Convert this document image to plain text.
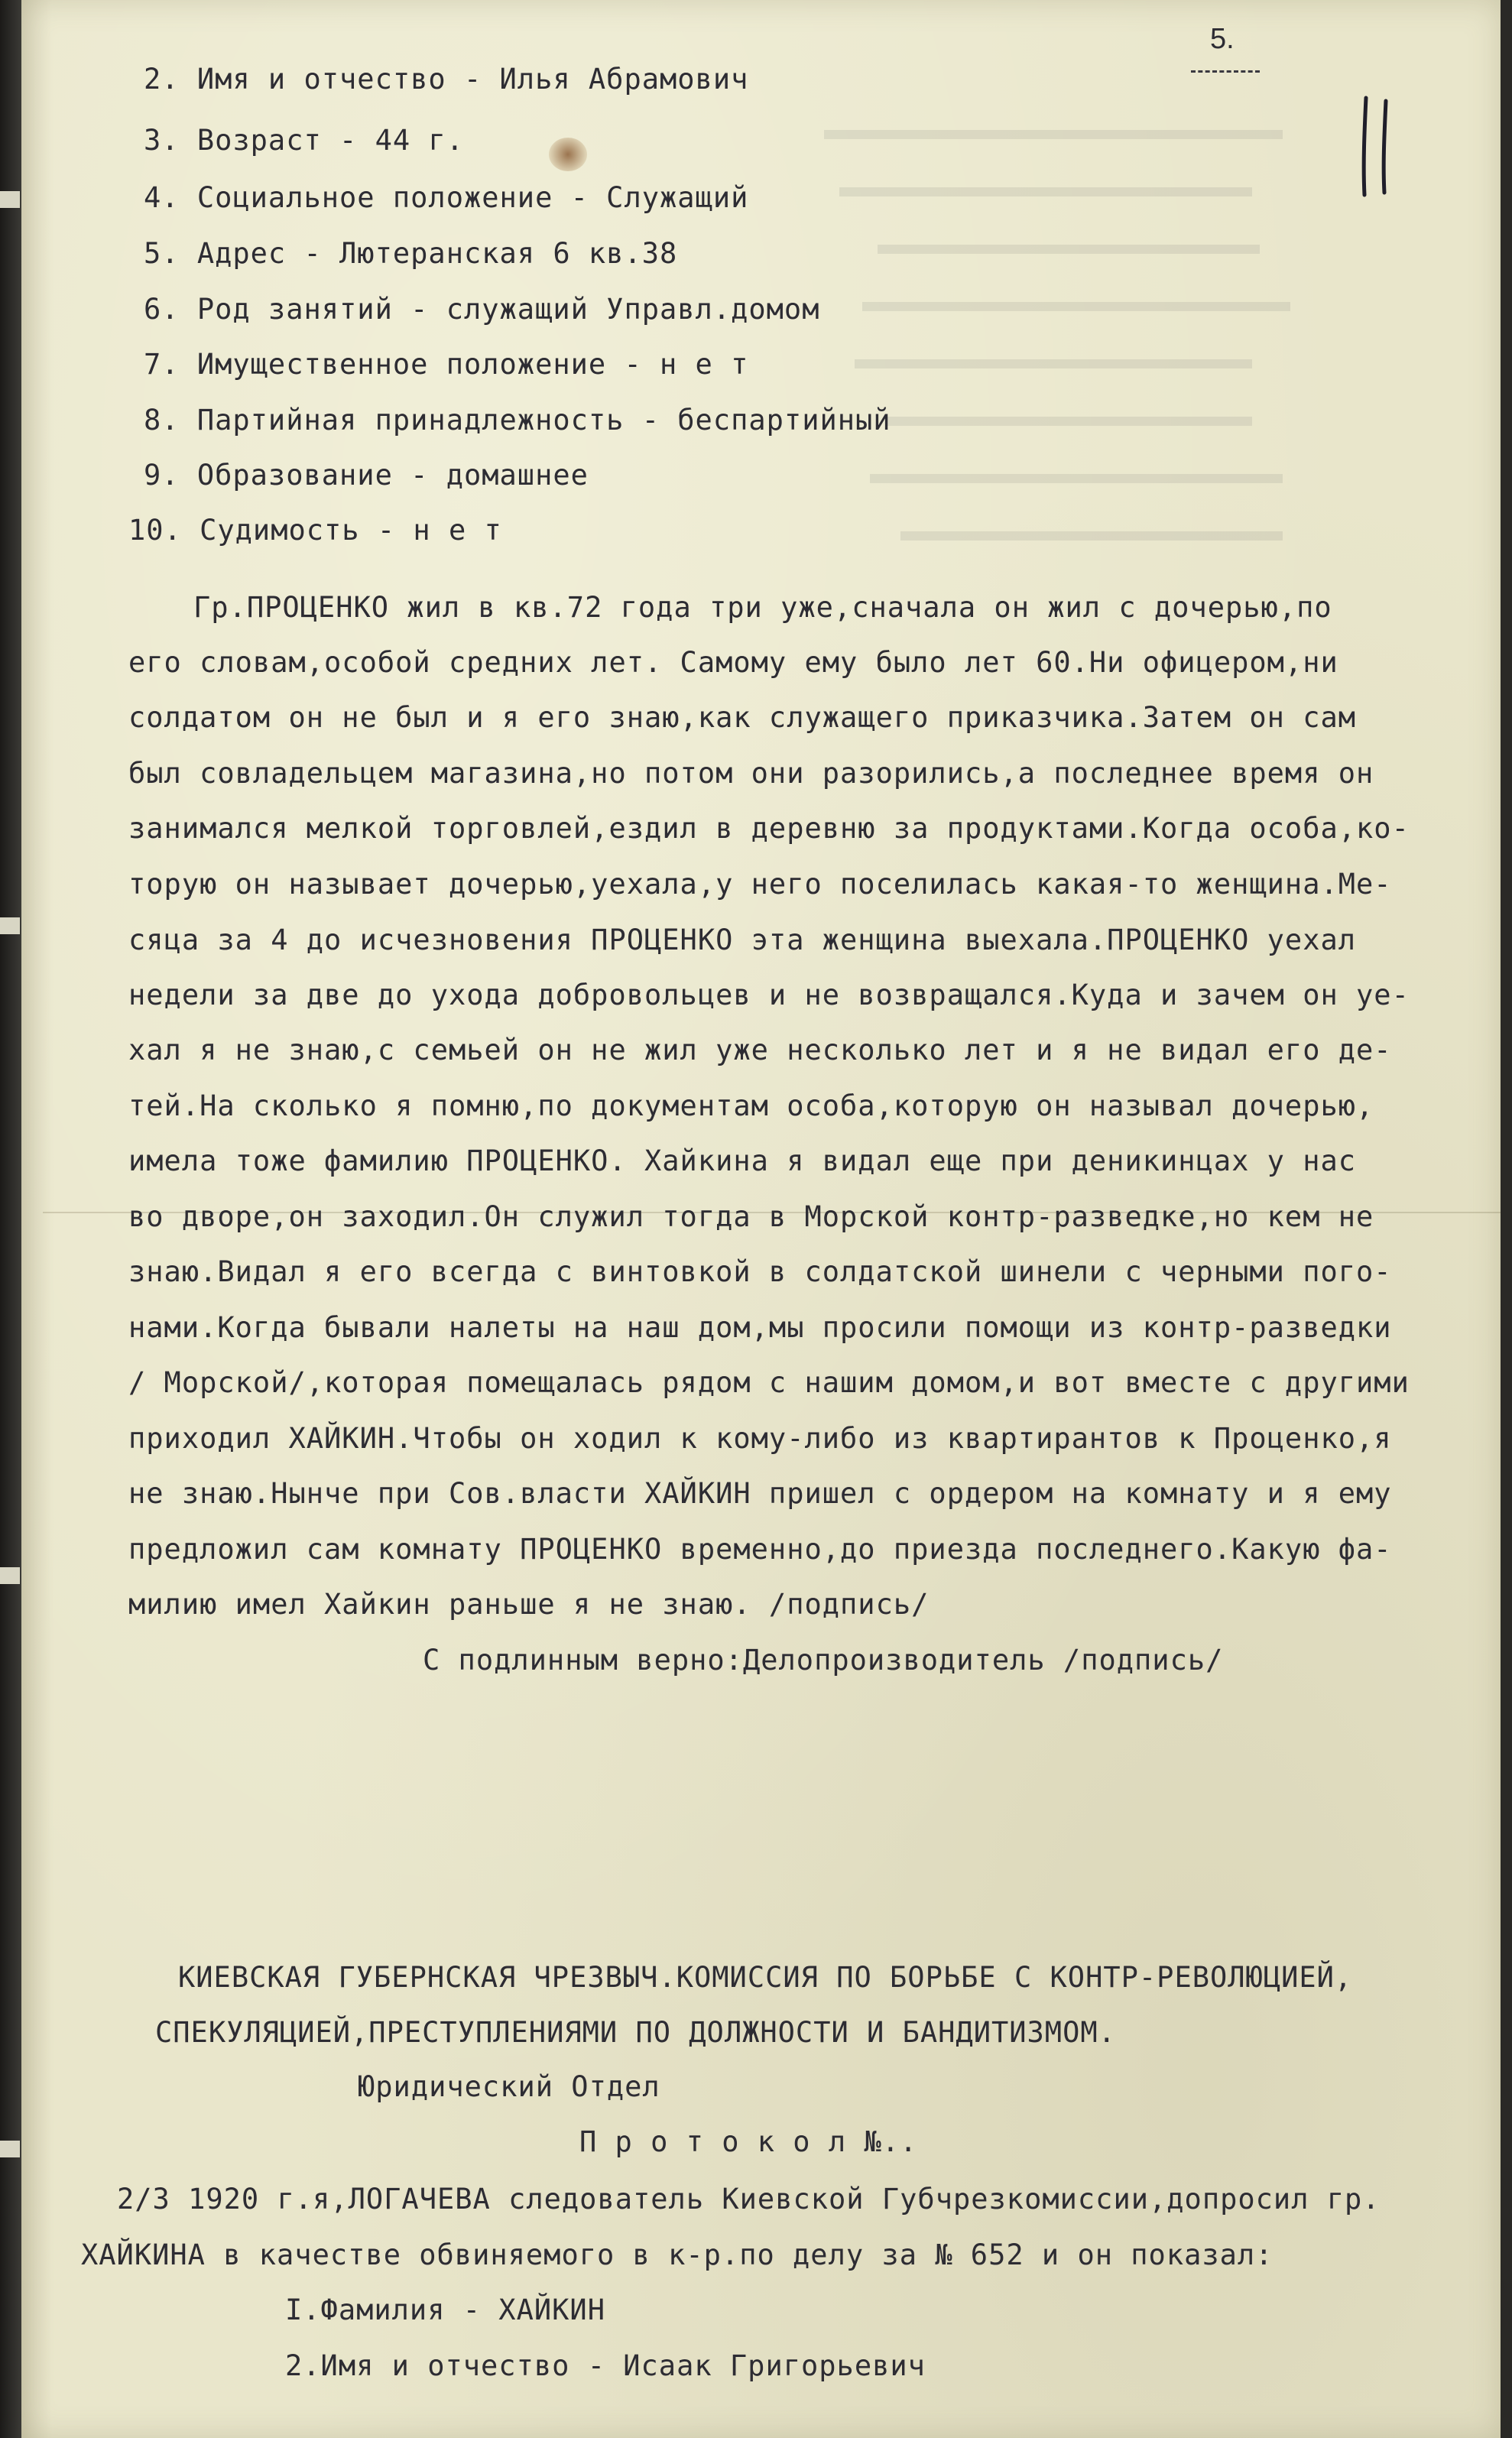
5.
2. Имя и отчество - Илья Абрамович
3. Возраст - 44 г.
4. Социальное положение - Служащий
5. Адрес - Лютеранская 6 кв.38
6. Род занятий - служащий Управл.домом
7. Имущественное положение - н е т
8. Партийная принадлежность - беспартийный
9. Образование - домашнее
10. Судимость - н е т
Гр.ПРОЦЕНКО жил в кв.72 года три уже,сначала он жил с дочерью,по
его словам,особой средних лет. Самому ему было лет 60.Ни офицером,ни
солдатом он не был и я его знаю,как служащего приказчика.Затем он сам
был совладельцем магазина,но потом они разорились,а последнее время он
занимался мелкой торговлей,ездил в деревню за продуктами.Когда особа,ко-
торую он называет дочерью,уехала,у него поселилась какая-то женщина.Ме-
сяца за 4 до исчезновения ПРОЦЕНКО эта женщина выехала.ПРОЦЕНКО уехал
недели за две до ухода добровольцев и не возвращался.Куда и зачем он уе-
хал я не знаю,с семьей он не жил уже несколько лет и я не видал его де-
тей.На сколько я помню,по документам особа,которую он называл дочерью,
имела тоже фамилию ПРОЦЕНКО. Хайкина я видал еще при деникинцах у нас
во дворе,он заходил.Он служил тогда в Морской контр-разведке,но кем не
знаю.Видал я его всегда с винтовкой в солдатской шинели с черными пого-
нами.Когда бывали налеты на наш дом,мы просили помощи из контр-разведки
/ Морской/,которая помещалась рядом с нашим домом,и вот вместе с другими
приходил ХАЙКИН.Чтобы он ходил к кому-либо из квартирантов к Проценко,я
не знаю.Нынче при Сов.власти ХАЙКИН пришел с ордером на комнату и я ему
предложил сам комнату ПРОЦЕНКО временно,до приезда последнего.Какую фа-
милию имел Хайкин раньше я не знаю. /подпись/
С подлинным верно:Делопроизводитель /подпись/
КИЕВСКАЯ ГУБЕРНСКАЯ ЧРЕЗВЫЧ.КОМИССИЯ ПО БОРЬБЕ С КОНТР-РЕВОЛЮЦИЕЙ,
СПЕКУЛЯЦИЕЙ,ПРЕСТУПЛЕНИЯМИ ПО ДОЛЖНОСТИ И БАНДИТИЗМОМ.
Юридический Отдел
П р о т о к о л №..
2/3 1920 г.я,ЛОГАЧЕВА следователь Киевской Губчрезкомиссии,допросил гр.
ХАЙКИНА в качестве обвиняемого в к-р.по делу за № 652 и он показал:
I.Фамилия - ХАЙКИН
2.Имя и отчество - Исаак Григорьевич
